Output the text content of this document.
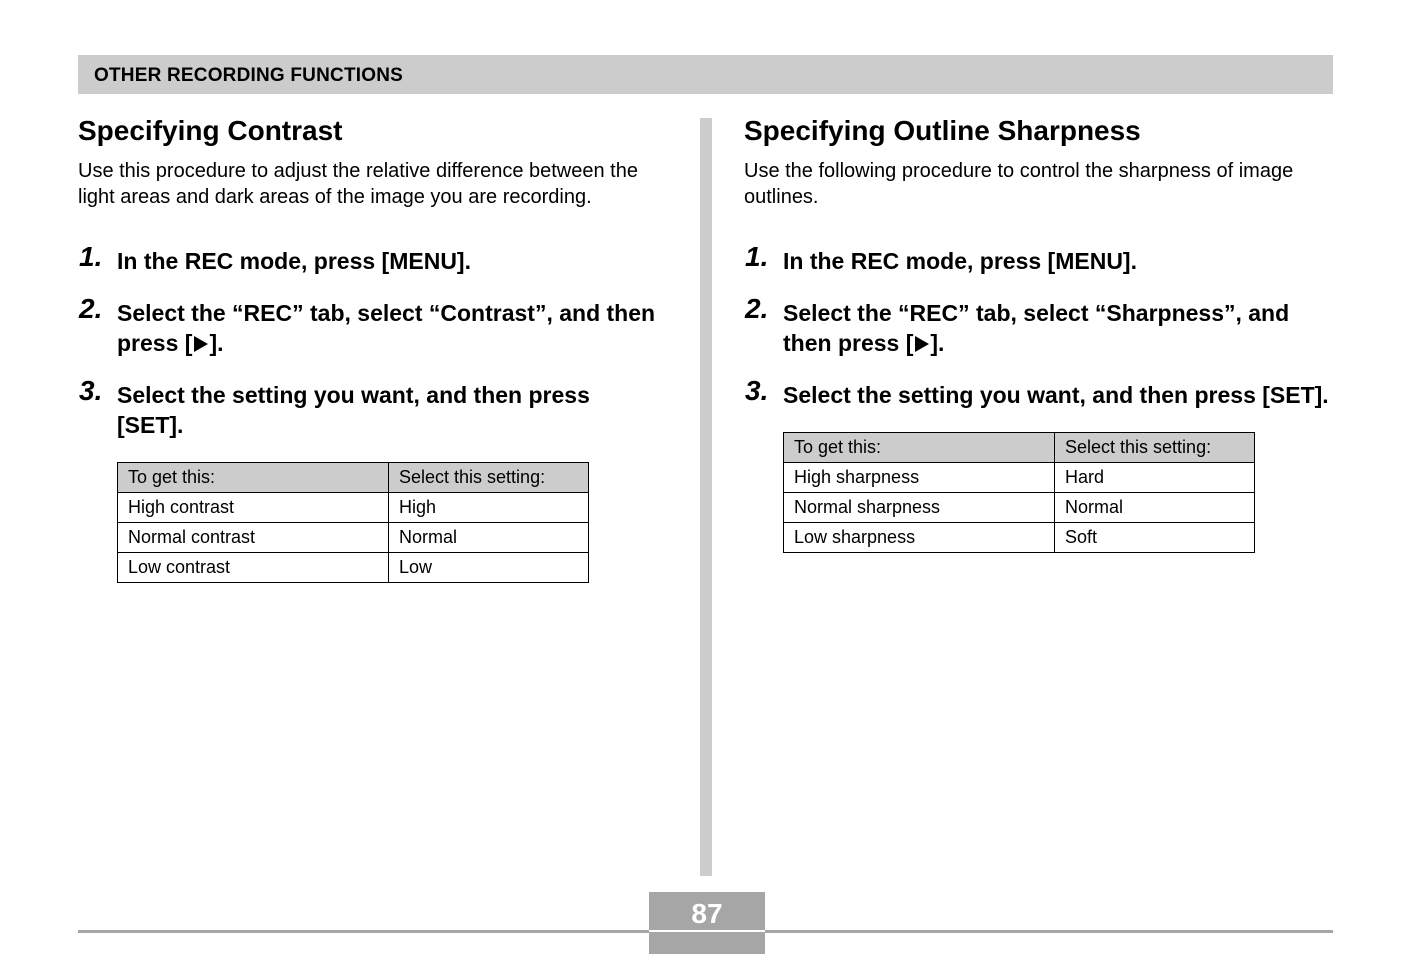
OTHER RECORDING FUNCTIONS
Specifying Contrast

Use this procedure to adjust the relative difference between the light areas and dark areas of the image you are recording.

1. In the REC mode, press [MENU].
2. Select the “REC” tab, select “Contrast”, and then press [ ].
3. Select the setting you want, and then press [SET].
To get this:	Select this setting:
High contrast	High
Normal contrast	Normal
Low contrast	Low
Specifying Outline Sharpness

Use the following procedure to control the sharpness of image outlines.

1. In the REC mode, press [MENU].
2. Select the “REC” tab, select “Sharpness”, and then press [ ].
3. Select the setting you want, and then press [SET].
To get this:	Select this setting:
High sharpness	Hard
Normal sharpness	Normal
Low sharpness	Soft
87
